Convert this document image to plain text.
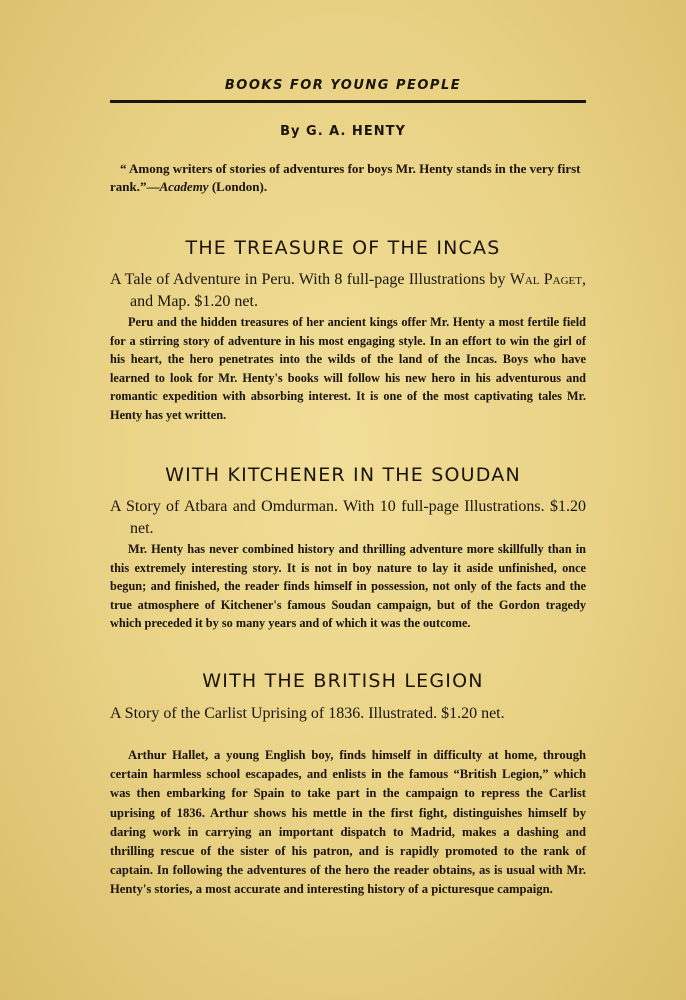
BOOKS FOR YOUNG PEOPLE
By G. A. HENTY
“ Among writers of stories of adventures for boys Mr. Henty stands in the very first rank.”—Academy (London).
THE TREASURE OF THE INCAS
A Tale of Adventure in Peru. With 8 full-page Illustrations by Wal Paget, and Map. $1.20 net.
Peru and the hidden treasures of her ancient kings offer Mr. Henty a most fertile field for a stirring story of adventure in his most engaging style. In an effort to win the girl of his heart, the hero penetrates into the wilds of the land of the Incas. Boys who have learned to look for Mr. Henty's books will follow his new hero in his adventurous and romantic expedition with absorbing interest. It is one of the most captivating tales Mr. Henty has yet written.
WITH KITCHENER IN THE SOUDAN
A Story of Atbara and Omdurman. With 10 full-page Illustrations. $1.20 net.
Mr. Henty has never combined history and thrilling adventure more skillfully than in this extremely interesting story. It is not in boy nature to lay it aside unfinished, once begun; and finished, the reader finds himself in possession, not only of the facts and the true atmosphere of Kitchener's famous Soudan campaign, but of the Gordon tragedy which preceded it by so many years and of which it was the outcome.
WITH THE BRITISH LEGION
A Story of the Carlist Uprising of 1836. Illustrated. $1.20 net.
Arthur Hallet, a young English boy, finds himself in difficulty at home, through certain harmless school escapades, and enlists in the famous “British Legion,” which was then embarking for Spain to take part in the campaign to repress the Carlist uprising of 1836. Arthur shows his mettle in the first fight, distinguishes himself by daring work in carrying an important dispatch to Madrid, makes a dashing and thrilling rescue of the sister of his patron, and is rapidly promoted to the rank of captain. In following the adventures of the hero the reader obtains, as is usual with Mr. Henty's stories, a most accurate and interesting history of a picturesque campaign.
